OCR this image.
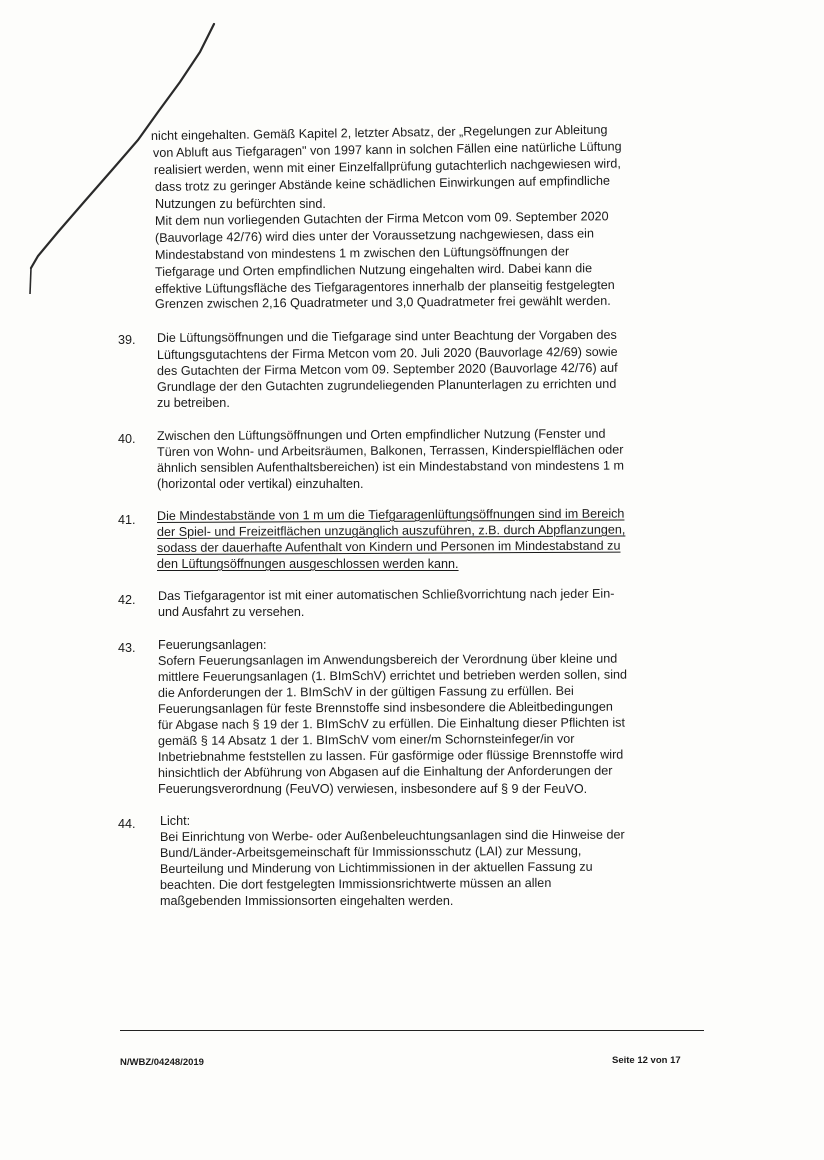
nicht eingehalten. Gemäß Kapitel 2, letzter Absatz, der „Regelungen zur Ableitung

von Abluft aus Tiefgaragen" von 1997 kann in solchen Fällen eine natürliche Lüftung

realisiert werden, wenn mit einer Einzelfallprüfung gutachterlich nachgewiesen wird,

dass trotz zu geringer Abstände keine schädlichen Einwirkungen auf empfindliche

Nutzungen zu befürchten sind.

Mit dem nun vorliegenden Gutachten der Firma Metcon vom 09. September 2020

(Bauvorlage 42/76) wird dies unter der Voraussetzung nachgewiesen, dass ein

Mindestabstand von mindestens 1 m zwischen den Lüftungsöffnungen der

Tiefgarage und Orten empfindlichen Nutzung eingehalten wird. Dabei kann die

effektive Lüftungsfläche des Tiefgaragentores innerhalb der planseitig festgelegten

Grenzen zwischen 2,16 Quadratmeter und 3,0 Quadratmeter frei gewählt werden.

39. Die Lüftungsöffnungen und die Tiefgarage sind unter Beachtung der Vorgaben des

Lüftungsgutachtens der Firma Metcon vom 20. Juli 2020 (Bauvorlage 42/69) sowie

des Gutachten der Firma Metcon vom 09. September 2020 (Bauvorlage 42/76) auf

Grundlage der den Gutachten zugrundeliegenden Planunterlagen zu errichten und

zu betreiben.

40. Zwischen den Lüftungsöffnungen und Orten empfindlicher Nutzung (Fenster und

Türen von Wohn- und Arbeitsräumen, Balkonen, Terrassen, Kinderspielflächen oder

ähnlich sensiblen Aufenthaltsbereichen) ist ein Mindestabstand von mindestens 1 m

(horizontal oder vertikal) einzuhalten.

41. Die Mindestabstände von 1 m um die Tiefgaragenlüftungsöffnungen sind im Bereich

der Spiel- und Freizeitflächen unzugänglich auszuführen, z.B. durch Abpflanzungen,

sodass der dauerhafte Aufenthalt von Kindern und Personen im Mindestabstand zu

den Lüftungsöffnungen ausgeschlossen werden kann.

42. Das Tiefgaragentor ist mit einer automatischen Schließvorrichtung nach jeder Ein-

und Ausfahrt zu versehen.

43. Feuerungsanlagen:

Sofern Feuerungsanlagen im Anwendungsbereich der Verordnung über kleine und

mittlere Feuerungsanlagen (1. BImSchV) errichtet und betrieben werden sollen, sind

die Anforderungen der 1. BImSchV in der gültigen Fassung zu erfüllen. Bei

Feuerungsanlagen für feste Brennstoffe sind insbesondere die Ableitbedingungen

für Abgase nach § 19 der 1. BImSchV zu erfüllen. Die Einhaltung dieser Pflichten ist

gemäß § 14 Absatz 1 der 1. BImSchV vom einer/m Schornsteinfeger/in vor

Inbetriebnahme feststellen zu lassen. Für gasförmige oder flüssige Brennstoffe wird

hinsichtlich der Abführung von Abgasen auf die Einhaltung der Anforderungen der

Feuerungsverordnung (FeuVO) verwiesen, insbesondere auf § 9 der FeuVO.

44. Licht:

Bei Einrichtung von Werbe- oder Außenbeleuchtungsanlagen sind die Hinweise der

Bund/Länder-Arbeitsgemeinschaft für Immissionsschutz (LAI) zur Messung,

Beurteilung und Minderung von Lichtimmissionen in der aktuellen Fassung zu

beachten. Die dort festgelegten Immissionsrichtwerte müssen an allen

maßgebenden Immissionsorten eingehalten werden.

N/WBZ/04248/2019	Seite 12 von 17
